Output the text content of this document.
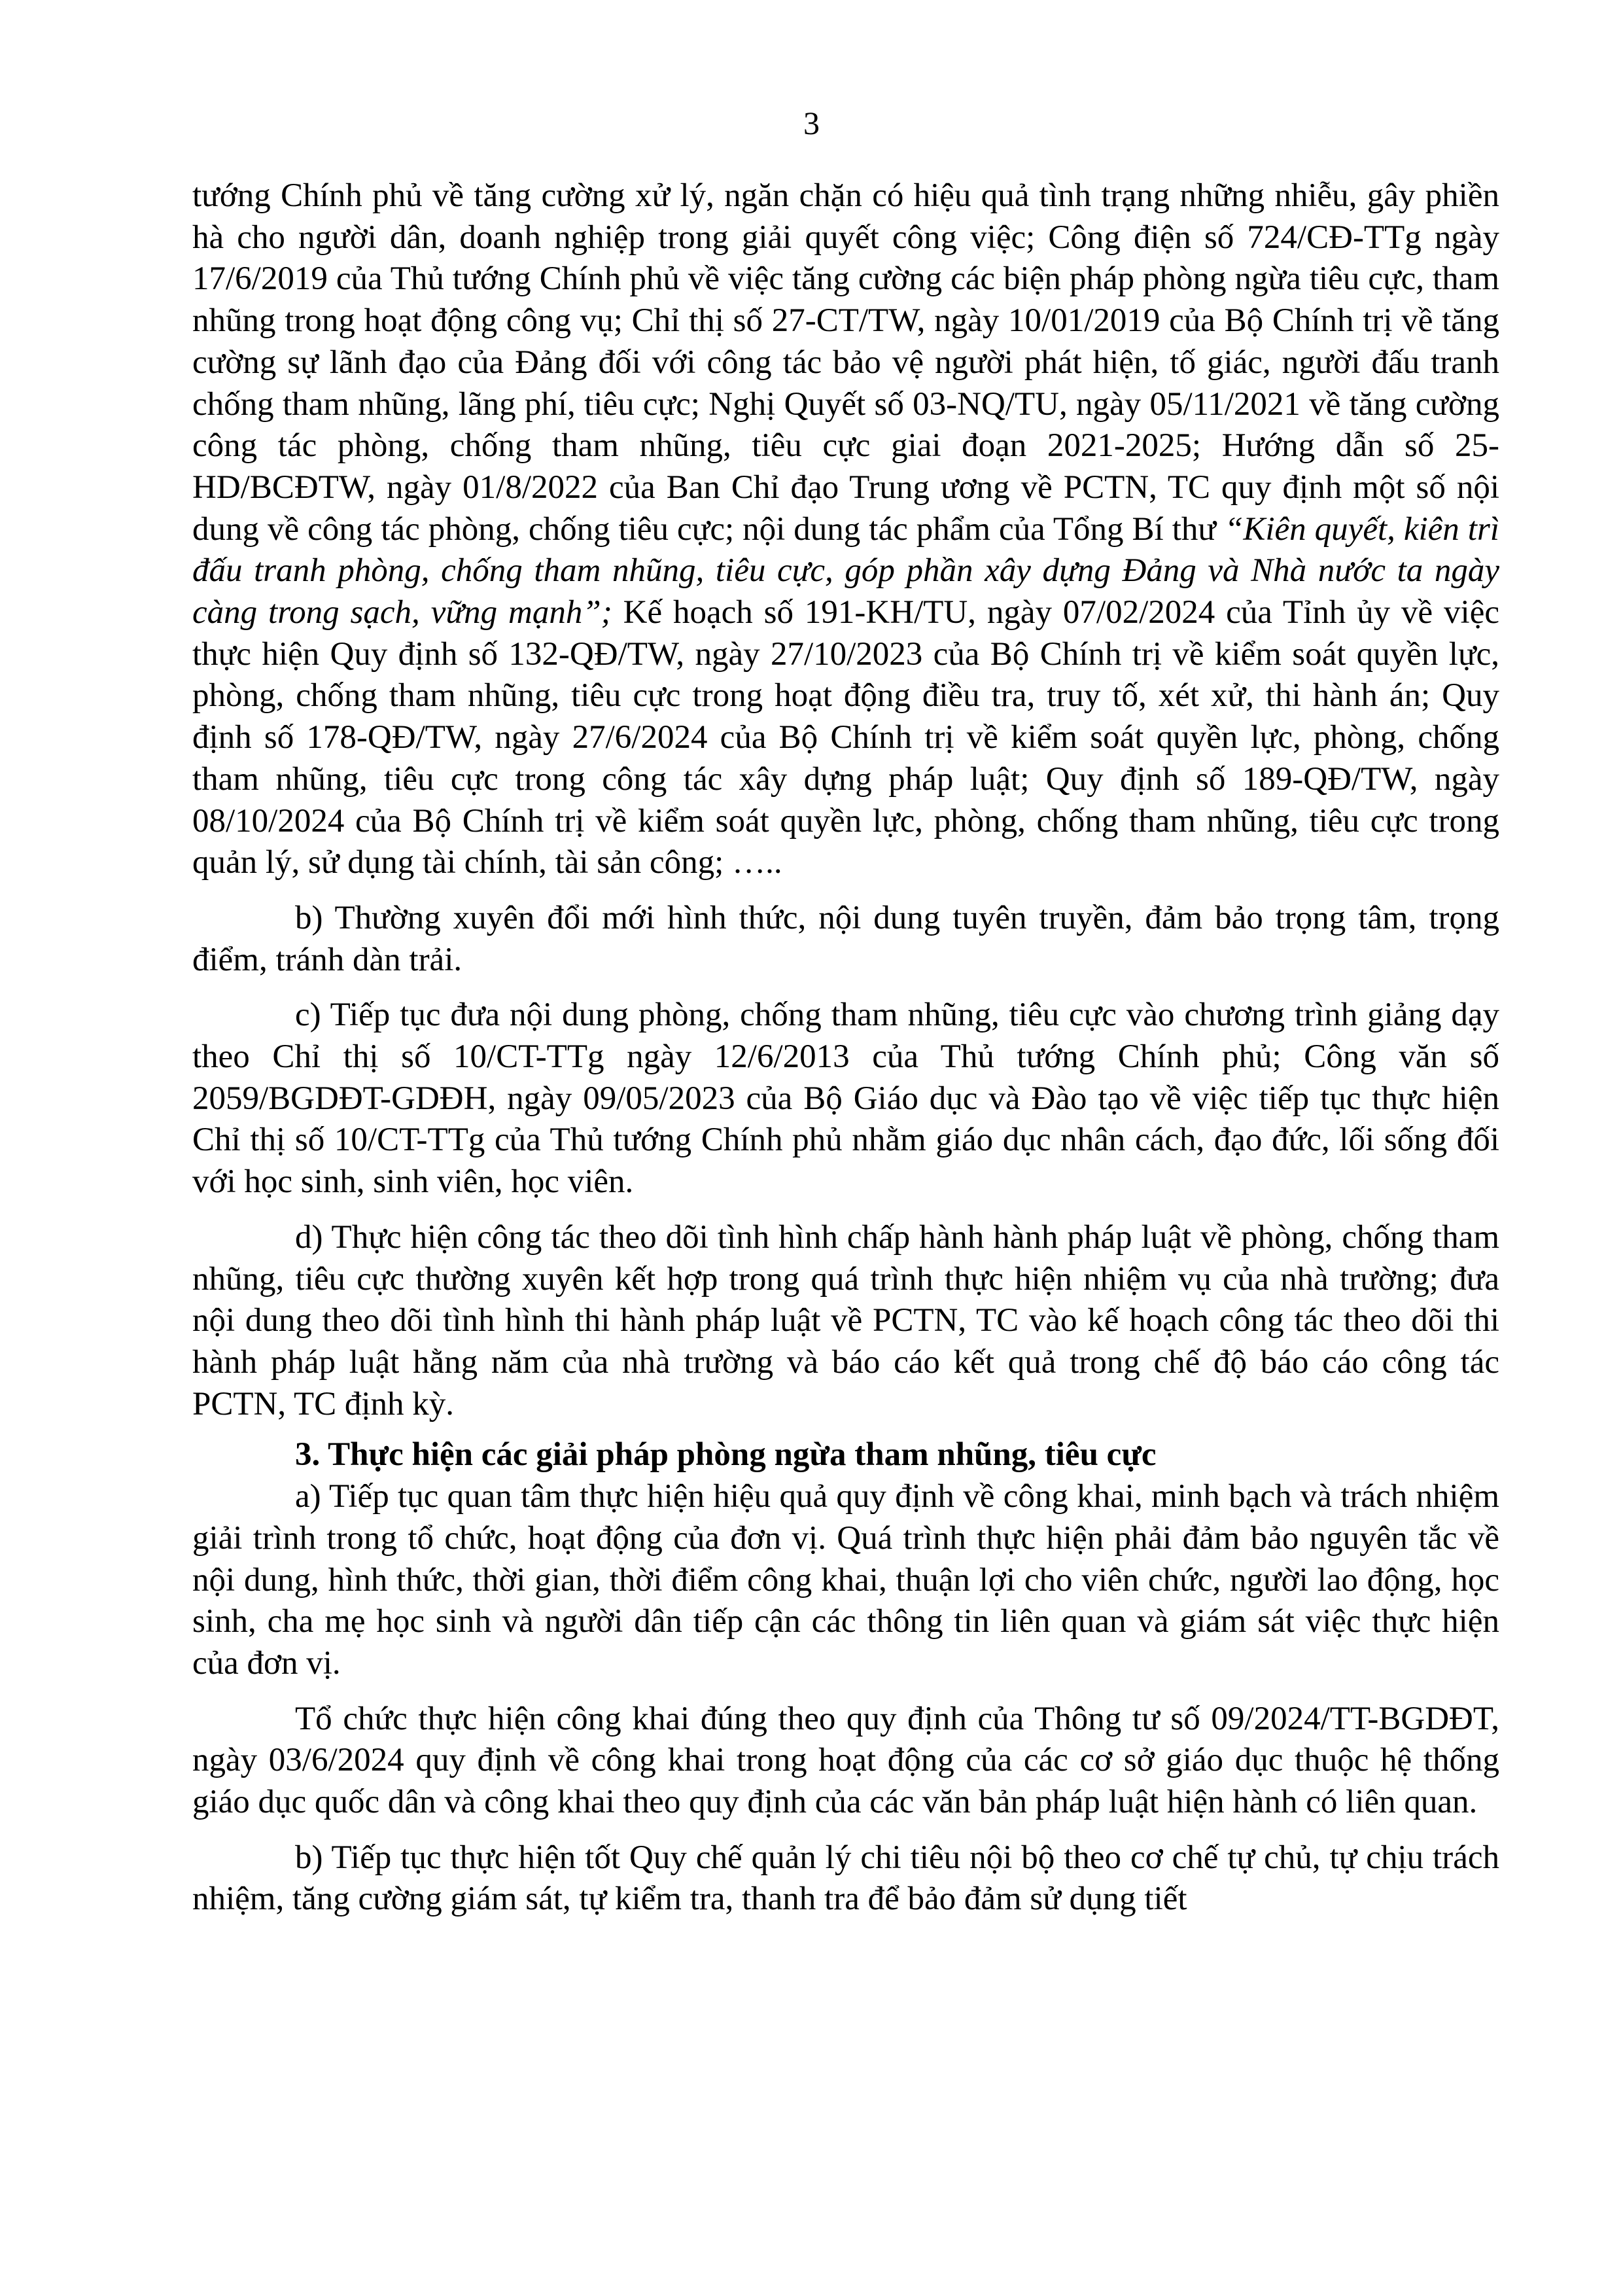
3

tướng Chính phủ về tăng cường xử lý, ngăn chặn có hiệu quả tình trạng những nhiễu, gây phiền hà cho người dân, doanh nghiệp trong giải quyết công việc; Công điện số 724/CĐ-TTg ngày 17/6/2019 của Thủ tướng Chính phủ về việc tăng cường các biện pháp phòng ngừa tiêu cực, tham nhũng trong hoạt động công vụ; Chỉ thị số 27-CT/TW, ngày 10/01/2019 của Bộ Chính trị về tăng cường sự lãnh đạo của Đảng đối với công tác bảo vệ người phát hiện, tố giác, người đấu tranh chống tham nhũng, lãng phí, tiêu cực; Nghị Quyết số 03-NQ/TU, ngày 05/11/2021 về tăng cường công tác phòng, chống tham nhũng, tiêu cực giai đoạn 2021-2025; Hướng dẫn số 25-HD/BCĐTW, ngày 01/8/2022 của Ban Chỉ đạo Trung ương về PCTN, TC quy định một số nội dung về công tác phòng, chống tiêu cực; nội dung tác phẩm của Tổng Bí thư “Kiên quyết, kiên trì đấu tranh phòng, chống tham nhũng, tiêu cực, góp phần xây dựng Đảng và Nhà nước ta ngày càng trong sạch, vững mạnh”; Kế hoạch số 191-KH/TU, ngày 07/02/2024 của Tỉnh ủy về việc thực hiện Quy định số 132-QĐ/TW, ngày 27/10/2023 của Bộ Chính trị về kiểm soát quyền lực, phòng, chống tham nhũng, tiêu cực trong hoạt động điều tra, truy tố, xét xử, thi hành án; Quy định số 178-QĐ/TW, ngày 27/6/2024 của Bộ Chính trị về kiểm soát quyền lực, phòng, chống tham nhũng, tiêu cực trong công tác xây dựng pháp luật; Quy định số 189-QĐ/TW, ngày 08/10/2024 của Bộ Chính trị về kiểm soát quyền lực, phòng, chống tham nhũng, tiêu cực trong quản lý, sử dụng tài chính, tài sản công; …..

b) Thường xuyên đổi mới hình thức, nội dung tuyên truyền, đảm bảo trọng tâm, trọng điểm, tránh dàn trải.

c) Tiếp tục đưa nội dung phòng, chống tham nhũng, tiêu cực vào chương trình giảng dạy theo Chỉ thị số 10/CT-TTg ngày 12/6/2013 của Thủ tướng Chính phủ; Công văn số 2059/BGDĐT-GDĐH, ngày 09/05/2023 của Bộ Giáo dục và Đào tạo về việc tiếp tục thực hiện Chỉ thị số 10/CT-TTg của Thủ tướng Chính phủ nhằm giáo dục nhân cách, đạo đức, lối sống đối với học sinh, sinh viên, học viên.

d) Thực hiện công tác theo dõi tình hình chấp hành hành pháp luật về phòng, chống tham nhũng, tiêu cực thường xuyên kết hợp trong quá trình thực hiện nhiệm vụ của nhà trường; đưa nội dung theo dõi tình hình thi hành pháp luật về PCTN, TC vào kế hoạch công tác theo dõi thi hành pháp luật hằng năm của nhà trường và báo cáo kết quả trong chế độ báo cáo công tác PCTN, TC định kỳ.

3. Thực hiện các giải pháp phòng ngừa tham nhũng, tiêu cực

a) Tiếp tục quan tâm thực hiện hiệu quả quy định về công khai, minh bạch và trách nhiệm giải trình trong tổ chức, hoạt động của đơn vị. Quá trình thực hiện phải đảm bảo nguyên tắc về nội dung, hình thức, thời gian, thời điểm công khai, thuận lợi cho viên chức, người lao động, học sinh, cha mẹ học sinh và người dân tiếp cận các thông tin liên quan và giám sát việc thực hiện của đơn vị.

Tổ chức thực hiện công khai đúng theo quy định của Thông tư số 09/2024/TT-BGDĐT, ngày 03/6/2024 quy định về công khai trong hoạt động của các cơ sở giáo dục thuộc hệ thống giáo dục quốc dân và công khai theo quy định của các văn bản pháp luật hiện hành có liên quan.

b) Tiếp tục thực hiện tốt Quy chế quản lý chi tiêu nội bộ theo cơ chế tự chủ, tự chịu trách nhiệm, tăng cường giám sát, tự kiểm tra, thanh tra để bảo đảm sử dụng tiết
